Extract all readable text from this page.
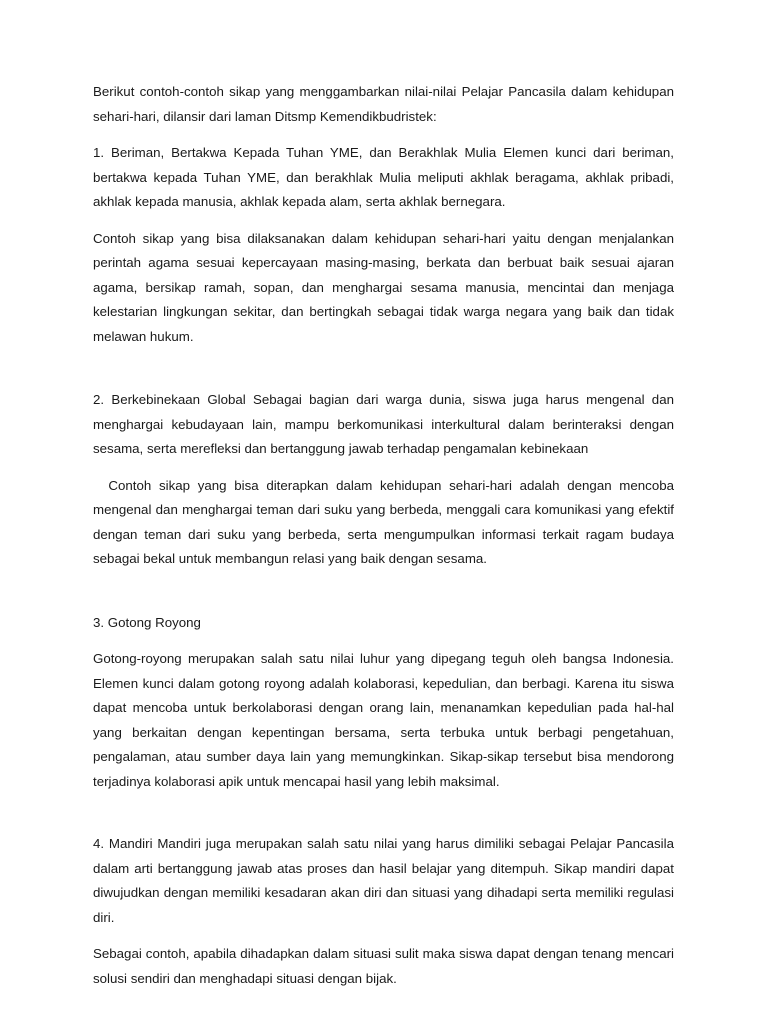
Berikut contoh-contoh sikap yang menggambarkan nilai-nilai Pelajar Pancasila dalam kehidupan sehari-hari, dilansir dari laman Ditsmp Kemendikbudristek:

1. Beriman, Bertakwa Kepada Tuhan YME, dan Berakhlak Mulia Elemen kunci dari beriman, bertakwa kepada Tuhan YME, dan berakhlak Mulia meliputi akhlak beragama, akhlak pribadi, akhlak kepada manusia, akhlak kepada alam, serta akhlak bernegara.

Contoh sikap yang bisa dilaksanakan dalam kehidupan sehari-hari yaitu dengan menjalankan perintah agama sesuai kepercayaan masing-masing, berkata dan berbuat baik sesuai ajaran agama, bersikap ramah, sopan, dan menghargai sesama manusia, mencintai dan menjaga kelestarian lingkungan sekitar, dan bertingkah sebagai tidak warga negara yang baik dan tidak melawan hukum.

2. Berkebinekaan Global Sebagai bagian dari warga dunia, siswa juga harus mengenal dan menghargai kebudayaan lain, mampu berkomunikasi interkultural dalam berinteraksi dengan sesama, serta merefleksi dan bertanggung jawab terhadap pengamalan kebinekaan

Contoh sikap yang bisa diterapkan dalam kehidupan sehari-hari adalah dengan mencoba mengenal dan menghargai teman dari suku yang berbeda, menggali cara komunikasi yang efektif dengan teman dari suku yang berbeda, serta mengumpulkan informasi terkait ragam budaya sebagai bekal untuk membangun relasi yang baik dengan sesama.

3. Gotong Royong

Gotong-royong merupakan salah satu nilai luhur yang dipegang teguh oleh bangsa Indonesia. Elemen kunci dalam gotong royong adalah kolaborasi, kepedulian, dan berbagi. Karena itu siswa dapat mencoba untuk berkolaborasi dengan orang lain, menanamkan kepedulian pada hal-hal yang berkaitan dengan kepentingan bersama, serta terbuka untuk berbagi pengetahuan, pengalaman, atau sumber daya lain yang memungkinkan. Sikap-sikap tersebut bisa mendorong terjadinya kolaborasi apik untuk mencapai hasil yang lebih maksimal.

4. Mandiri Mandiri juga merupakan salah satu nilai yang harus dimiliki sebagai Pelajar Pancasila dalam arti bertanggung jawab atas proses dan hasil belajar yang ditempuh. Sikap mandiri dapat diwujudkan dengan memiliki kesadaran akan diri dan situasi yang dihadapi serta memiliki regulasi diri.

Sebagai contoh, apabila dihadapkan dalam situasi sulit maka siswa dapat dengan tenang mencari solusi sendiri dan menghadapi situasi dengan bijak.
